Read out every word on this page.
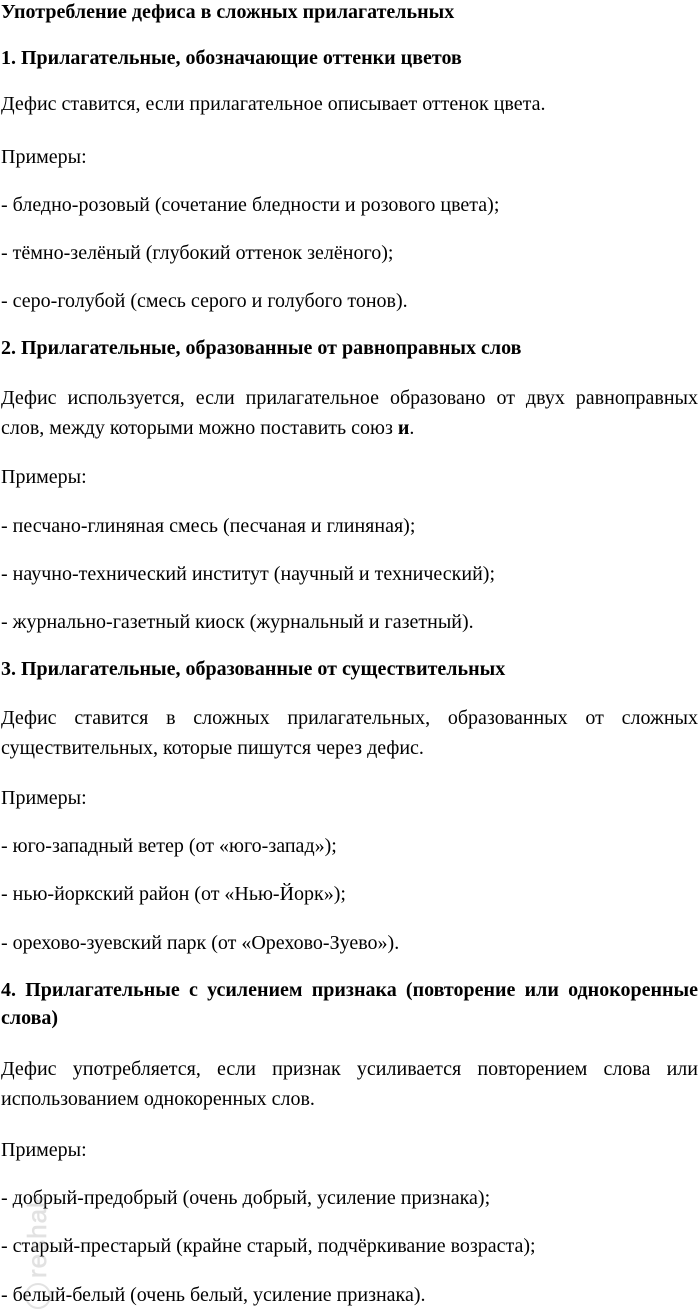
Употребление дефиса в сложных прилагательных
1. Прилагательные, обозначающие оттенки цветов

Дефис ставится, если прилагательное описывает оттенок цвета.

Примеры:

- бледно-розовый (сочетание бледности и розового цвета);

- тёмно-зелёный (глубокий оттенок зелёного);

- серо-голубой (смесь серого и голубого тонов).

2. Прилагательные, образованные от равноправных слов

Дефис используется, если прилагательное образовано от двух равноправных слов, между которыми можно поставить союз и.

Примеры:

- песчано-глиняная смесь (песчаная и глиняная);

- научно-технический институт (научный и технический);

- журнально-газетный киоск (журнальный и газетный).

3. Прилагательные, образованные от существительных

Дефис ставится в сложных прилагательных, образованных от сложных существительных, которые пишутся через дефис.

Примеры:

- юго-западный ветер (от «юго-запад»);

- нью-йоркский район (от «Нью-Йорк»);

- орехово-зуевский парк (от «Орехово-Зуево»).

4. Прилагательные с усилением признака (повторение или однокоренные слова)

Дефис употребляется, если признак усиливается повторением слова или использованием однокоренных слов.

Примеры:

- добрый-предобрый (очень добрый, усиление признака);

- старый-престарый (крайне старый, подчёркивание возраста);

- белый-белый (очень белый, усиление признака).

reshak
